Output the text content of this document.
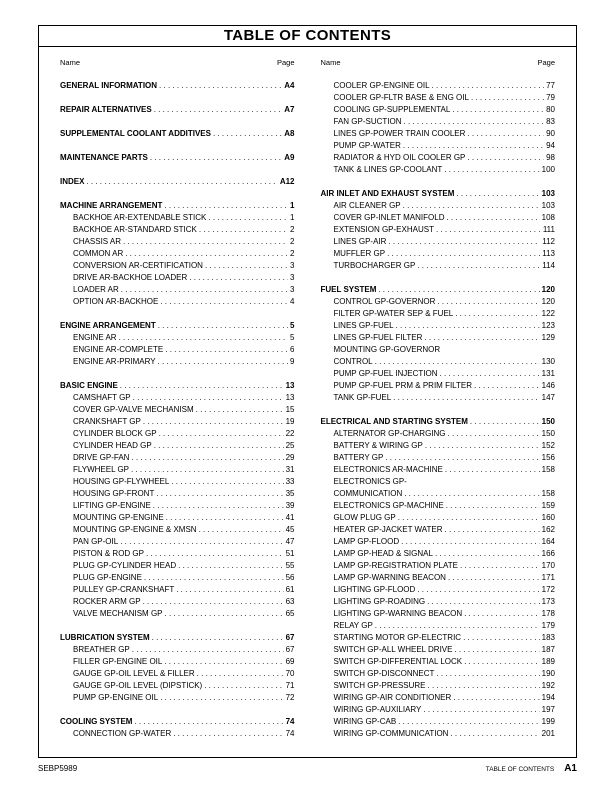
TABLE OF CONTENTS
Name	Page	Name	Page
GENERAL INFORMATION . . .	A4
REPAIR ALTERNATIVES . . .	A7
SUPPLEMENTAL COOLANT ADDITIVES . . .	A8
MAINTENANCE PARTS . . .	A9
INDEX . . .	A12
MACHINE ARRANGEMENT . . .	1
BACKHOE AR-EXTENDABLE STICK . . .	1
BACKHOE AR-STANDARD STICK . . .	2
CHASSIS AR . . .	2
COMMON AR . . .	2
CONVERSION AR-CERTIFICATION . . .	3
DRIVE AR-BACKHOE LOADER . . .	3
LOADER AR . . .	3
OPTION AR-BACKHOE . . .	4
ENGINE ARRANGEMENT . . .	5
ENGINE AR . . .	5
ENGINE AR-COMPLETE . . .	6
ENGINE AR-PRIMARY . . .	9
BASIC ENGINE . . .	13
CAMSHAFT GP . . .	13
COVER GP-VALVE MECHANISM . . .	15
CRANKSHAFT GP . . .	19
CYLINDER BLOCK GP . . .	22
CYLINDER HEAD GP . . .	25
DRIVE GP-FAN . . .	29
FLYWHEEL GP . . .	31
HOUSING GP-FLYWHEEL . . .	33
HOUSING GP-FRONT . . .	35
LIFTING GP-ENGINE . . .	39
MOUNTING GP-ENGINE . . .	41
MOUNTING GP-ENGINE & XMSN . . .	45
PAN GP-OIL . . .	47
PISTON & ROD GP . . .	51
PLUG GP-CYLINDER HEAD . . .	55
PLUG GP-ENGINE . . .	56
PULLEY GP-CRANKSHAFT . . .	61
ROCKER ARM GP . . .	63
VALVE MECHANISM GP . . .	65
LUBRICATION SYSTEM . . .	67
BREATHER GP . . .	67
FILLER GP-ENGINE OIL . . .	69
GAUGE GP-OIL LEVEL & FILLER . . .	70
GAUGE GP-OIL LEVEL (DIPSTICK) . . .	71
PUMP GP-ENGINE OIL . . .	72
COOLING SYSTEM . . .	74
CONNECTION GP-WATER . . .	74
COOLER GP-ENGINE OIL . . .	77
COOLER GP-FLTR BASE & ENG OIL . . .	79
COOLING GP-SUPPLEMENTAL . . .	80
FAN GP-SUCTION . . .	83
LINES GP-POWER TRAIN COOLER . . .	90
PUMP GP-WATER . . .	94
RADIATOR & HYD OIL COOLER GP . . .	98
TANK & LINES GP-COOLANT . . .	100
AIR INLET AND EXHAUST SYSTEM . . .	103
AIR CLEANER GP . . .	103
COVER GP-INLET MANIFOLD . . .	108
EXTENSION GP-EXHAUST . . .	111
LINES GP-AIR . . .	112
MUFFLER GP . . .	113
TURBOCHARGER GP . . .	114
FUEL SYSTEM . . .	120
CONTROL GP-GOVERNOR . . .	120
FILTER GP-WATER SEP & FUEL . . .	122
LINES GP-FUEL . . .	123
LINES GP-FUEL FILTER . . .	129
MOUNTING GP-GOVERNOR
CONTROL . . .	130
PUMP GP-FUEL INJECTION . . .	131
PUMP GP-FUEL PRM & PRIM FILTER . . .	146
TANK GP-FUEL . . .	147
ELECTRICAL AND STARTING SYSTEM . . .	150
ALTERNATOR GP-CHARGING . . .	150
BATTERY & WIRING GP . . .	152
BATTERY GP . . .	156
ELECTRONICS AR-MACHINE . . .	158
ELECTRONICS GP-
COMMUNICATION . . .	158
ELECTRONICS GP-MACHINE . . .	159
GLOW PLUG GP . . .	160
HEATER GP-JACKET WATER . . .	162
LAMP GP-FLOOD . . .	164
LAMP GP-HEAD & SIGNAL . . .	166
LAMP GP-REGISTRATION PLATE . . .	170
LAMP GP-WARNING BEACON . . .	171
LIGHTING GP-FLOOD . . .	172
LIGHTING GP-ROADING . . .	173
LIGHTING GP-WARNING BEACON . . .	178
RELAY GP . . .	179
STARTING MOTOR GP-ELECTRIC . . .	183
SWITCH GP-ALL WHEEL DRIVE . . .	187
SWITCH GP-DIFFERENTIAL LOCK . . .	189
SWITCH GP-DISCONNECT . . .	190
SWITCH GP-PRESSURE . . .	192
WIRING GP-AIR CONDITIONER . . .	194
WIRING GP-AUXILIARY . . .	197
WIRING GP-CAB . . .	199
WIRING GP-COMMUNICATION . . .	201
SEBP5989	TABLE OF CONTENTS A1
